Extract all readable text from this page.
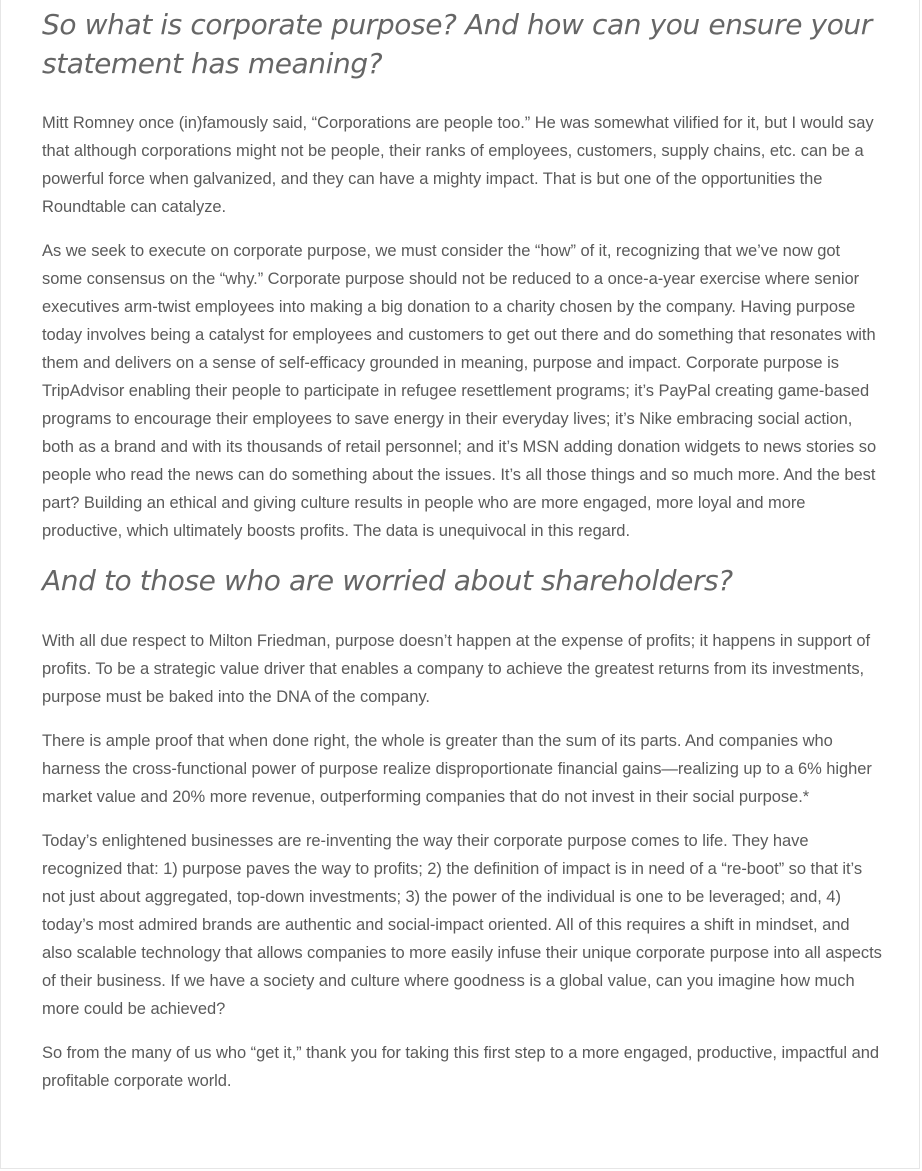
So what is corporate purpose? And how can you ensure your statement has meaning?

Mitt Romney once (in)famously said, “Corporations are people too.” He was somewhat vilified for it, but I would say that although corporations might not be people, their ranks of employees, customers, supply chains, etc. can be a powerful force when galvanized, and they can have a mighty impact. That is but one of the opportunities the Roundtable can catalyze.

As we seek to execute on corporate purpose, we must consider the “how” of it, recognizing that we’ve now got some consensus on the “why.” Corporate purpose should not be reduced to a once-a-year exercise where senior executives arm-twist employees into making a big donation to a charity chosen by the company. Having purpose today involves being a catalyst for employees and customers to get out there and do something that resonates with them and delivers on a sense of self-efficacy grounded in meaning, purpose and impact. Corporate purpose is TripAdvisor enabling their people to participate in refugee resettlement programs; it’s PayPal creating game-based programs to encourage their employees to save energy in their everyday lives; it’s Nike embracing social action, both as a brand and with its thousands of retail personnel; and it’s MSN adding donation widgets to news stories so people who read the news can do something about the issues. It’s all those things and so much more. And the best part? Building an ethical and giving culture results in people who are more engaged, more loyal and more productive, which ultimately boosts profits. The data is unequivocal in this regard.

And to those who are worried about shareholders?

With all due respect to Milton Friedman, purpose doesn’t happen at the expense of profits; it happens in support of profits. To be a strategic value driver that enables a company to achieve the greatest returns from its investments, purpose must be baked into the DNA of the company.

There is ample proof that when done right, the whole is greater than the sum of its parts. And companies who harness the cross-functional power of purpose realize disproportionate financial gains—realizing up to a 6% higher market value and 20% more revenue, outperforming companies that do not invest in their social purpose.*

Today’s enlightened businesses are re-inventing the way their corporate purpose comes to life. They have recognized that: 1) purpose paves the way to profits; 2) the definition of impact is in need of a “re-boot” so that it’s not just about aggregated, top-down investments; 3) the power of the individual is one to be leveraged; and, 4) today’s most admired brands are authentic and social-impact oriented. All of this requires a shift in mindset, and also scalable technology that allows companies to more easily infuse their unique corporate purpose into all aspects of their business. If we have a society and culture where goodness is a global value, can you imagine how much more could be achieved?

So from the many of us who “get it,” thank you for taking this first step to a more engaged, productive, impactful and profitable corporate world.
